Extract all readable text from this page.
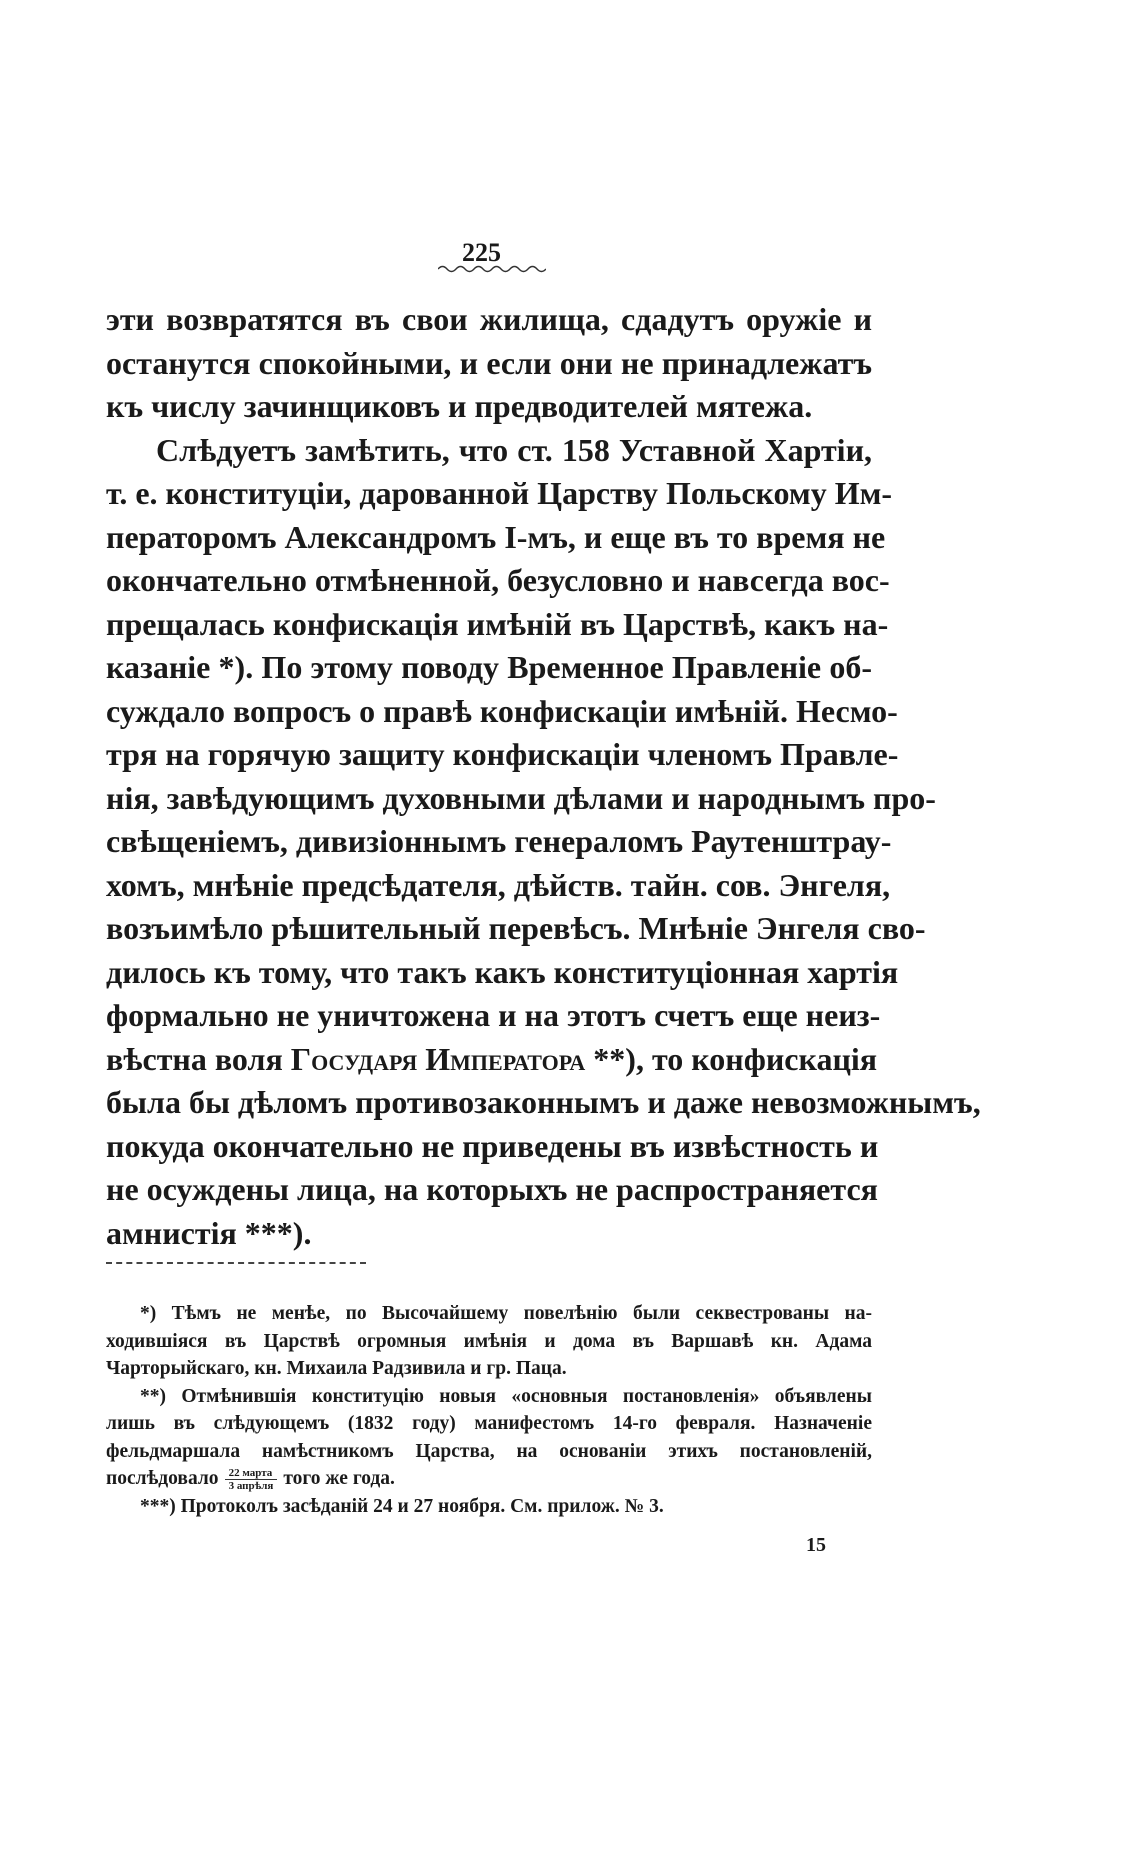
225
эти возвратятся въ свои жилища, сдадутъ оружіе и
останутся спокойными, и если они не принадлежатъ
къ числу зачинщиковъ и предводителей мятежа.
Слѣдуетъ замѣтить, что ст. 158 Уставной Хартіи,
т. е. конституціи, дарованной Царству Польскому Им-
ператоромъ Александромъ I-мъ, и еще въ то время не
окончательно отмѣненной, безусловно и навсегда вос-
прещалась конфискація имѣній въ Царствѣ, какъ на-
казаніе *). По этому поводу Временное Правленіе об-
суждало вопросъ о правѣ конфискаціи имѣній. Несмо-
тря на горячую защиту конфискаціи членомъ Правле-
нія, завѣдующимъ духовными дѣлами и народнымъ про-
свѣщеніемъ, дивизіоннымъ генераломъ Раутенштрау-
хомъ, мнѣніе предсѣдателя, дѣйств. тайн. сов. Энгеля,
возъимѣло рѣшительный перевѣсъ. Мнѣніе Энгеля сво-
дилось къ тому, что такъ какъ конституціонная хартія
формально не уничтожена и на этотъ счетъ еще неиз-
вѣстна воля Государя Императора **), то конфискація
была бы дѣломъ противозаконнымъ и даже невозможнымъ,
покуда окончательно не приведены въ извѣстность и
не осуждены лица, на которыхъ не распространяется
амнистія ***).
*) Тѣмъ не менѣе, по Высочайшему повелѣнію были секвестрованы на-
ходившіяся въ Царствѣ огромныя имѣнія и дома въ Варшавѣ кн. Адама
Чарторыйскаго, кн. Михаила Радзивила и гр. Паца.
**) Отмѣнившія конституцію новыя «основныя постановленія» объявлены
лишь въ слѣдующемъ (1832 году) манифестомъ 14-го февраля. Назначеніе
фельдмаршала намѣстникомъ Царства, на основаніи этихъ постановленій,
послѣдовало $\frac{\text{22 марта}}{\text{3 апрѣля}}$ того же года.
***) Протоколъ засѣданій 24 и 27 ноября. См. прилож. № 3.
15
